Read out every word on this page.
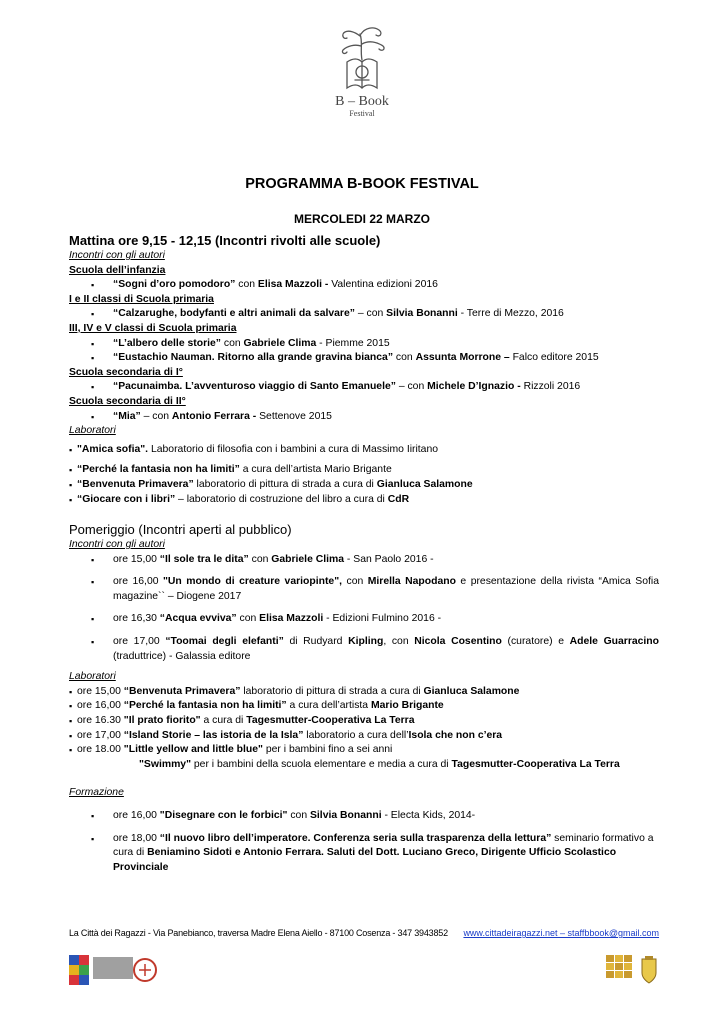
B – Book
Festival
PROGRAMMA B-BOOK FESTIVAL
MERCOLEDI 22 MARZO
Mattina ore 9,15 - 12,15 (Incontri rivolti alle scuole)
Incontri con gli autori
Scuola dell’infanzia
▪ “Sogni d’oro pomodoro” con Elisa Mazzoli - Valentina edizioni 2016
I e II classi di Scuola primaria
▪ “Calzarughe, bodyfanti e altri animali da salvare” – con Silvia Bonanni - Terre di Mezzo, 2016
III, IV e V classi di Scuola primaria
▪ “L’albero delle storie” con Gabriele Clima - Piemme 2015
▪ “Eustachio Nauman. Ritorno alla grande gravina bianca” con Assunta Morrone – Falco editore 2015
Scuola secondaria di I°
▪ “Pacunaimba. L’avventuroso viaggio di Santo Emanuele” – con Michele D’Ignazio - Rizzoli 2016
Scuola secondaria di II°
▪ “Mia” – con Antonio Ferrara - Settenove 2015
Laboratori
▪ "Amica sofia". Laboratorio di filosofia con i bambini a cura di Massimo Iiritano
▪ “Perché la fantasia non ha limiti” a cura dell’artista Mario Brigante
▪ “Benvenuta Primavera” laboratorio di pittura di strada a cura di Gianluca Salamone
▪ “Giocare con i libri” – laboratorio di costruzione del libro a cura di CdR
Pomeriggio (Incontri aperti al pubblico)
Incontri con gli autori
▪ ore 15,00 “Il sole tra le dita” con Gabriele Clima - San Paolo 2016 -
▪ ore 16,00 "Un mondo di creature variopinte", con Mirella Napodano e presentazione della rivista “Amica Sofia magazine`` – Diogene 2017
▪ ore 16,30 “Acqua evviva” con Elisa Mazzoli - Edizioni Fulmino 2016 -
▪ ore 17,00 “Toomai degli elefanti” di Rudyard Kipling, con Nicola Cosentino (curatore) e Adele Guarracino (traduttrice) - Galassia editore
Laboratori
▪ ore 15,00 “Benvenuta Primavera” laboratorio di pittura di strada a cura di Gianluca Salamone
▪ ore 16,00 “Perché la fantasia non ha limiti” a cura dell’artista Mario Brigante
▪ ore 16.30 "Il prato fiorito" a cura di Tagesmutter-Cooperativa La Terra
▪ ore 17,00 “Island Storie – las istoria de la Isla” laboratorio a cura dell’Isola che non c’era
▪ ore 18.00 "Little yellow and little blue" per i bambini fino a sei anni
"Swimmy" per i bambini della scuola elementare e media a cura di Tagesmutter-Cooperativa La Terra
Formazione
▪ ore 16,00 "Disegnare con le forbici" con Silvia Bonanni - Electa Kids, 2014-
▪ ore 18,00 “Il nuovo libro dell’imperatore. Conferenza seria sulla trasparenza della lettura” seminario formativo a cura di Beniamino Sidoti e Antonio Ferrara. Saluti del Dott. Luciano Greco, Dirigente Ufficio Scolastico Provinciale
La Città dei Ragazzi - Via Panebianco, traversa Madre Elena Aiello - 87100 Cosenza - 347 3943852 www.cittadeiragazzi.net – staffbbook@gmail.com
